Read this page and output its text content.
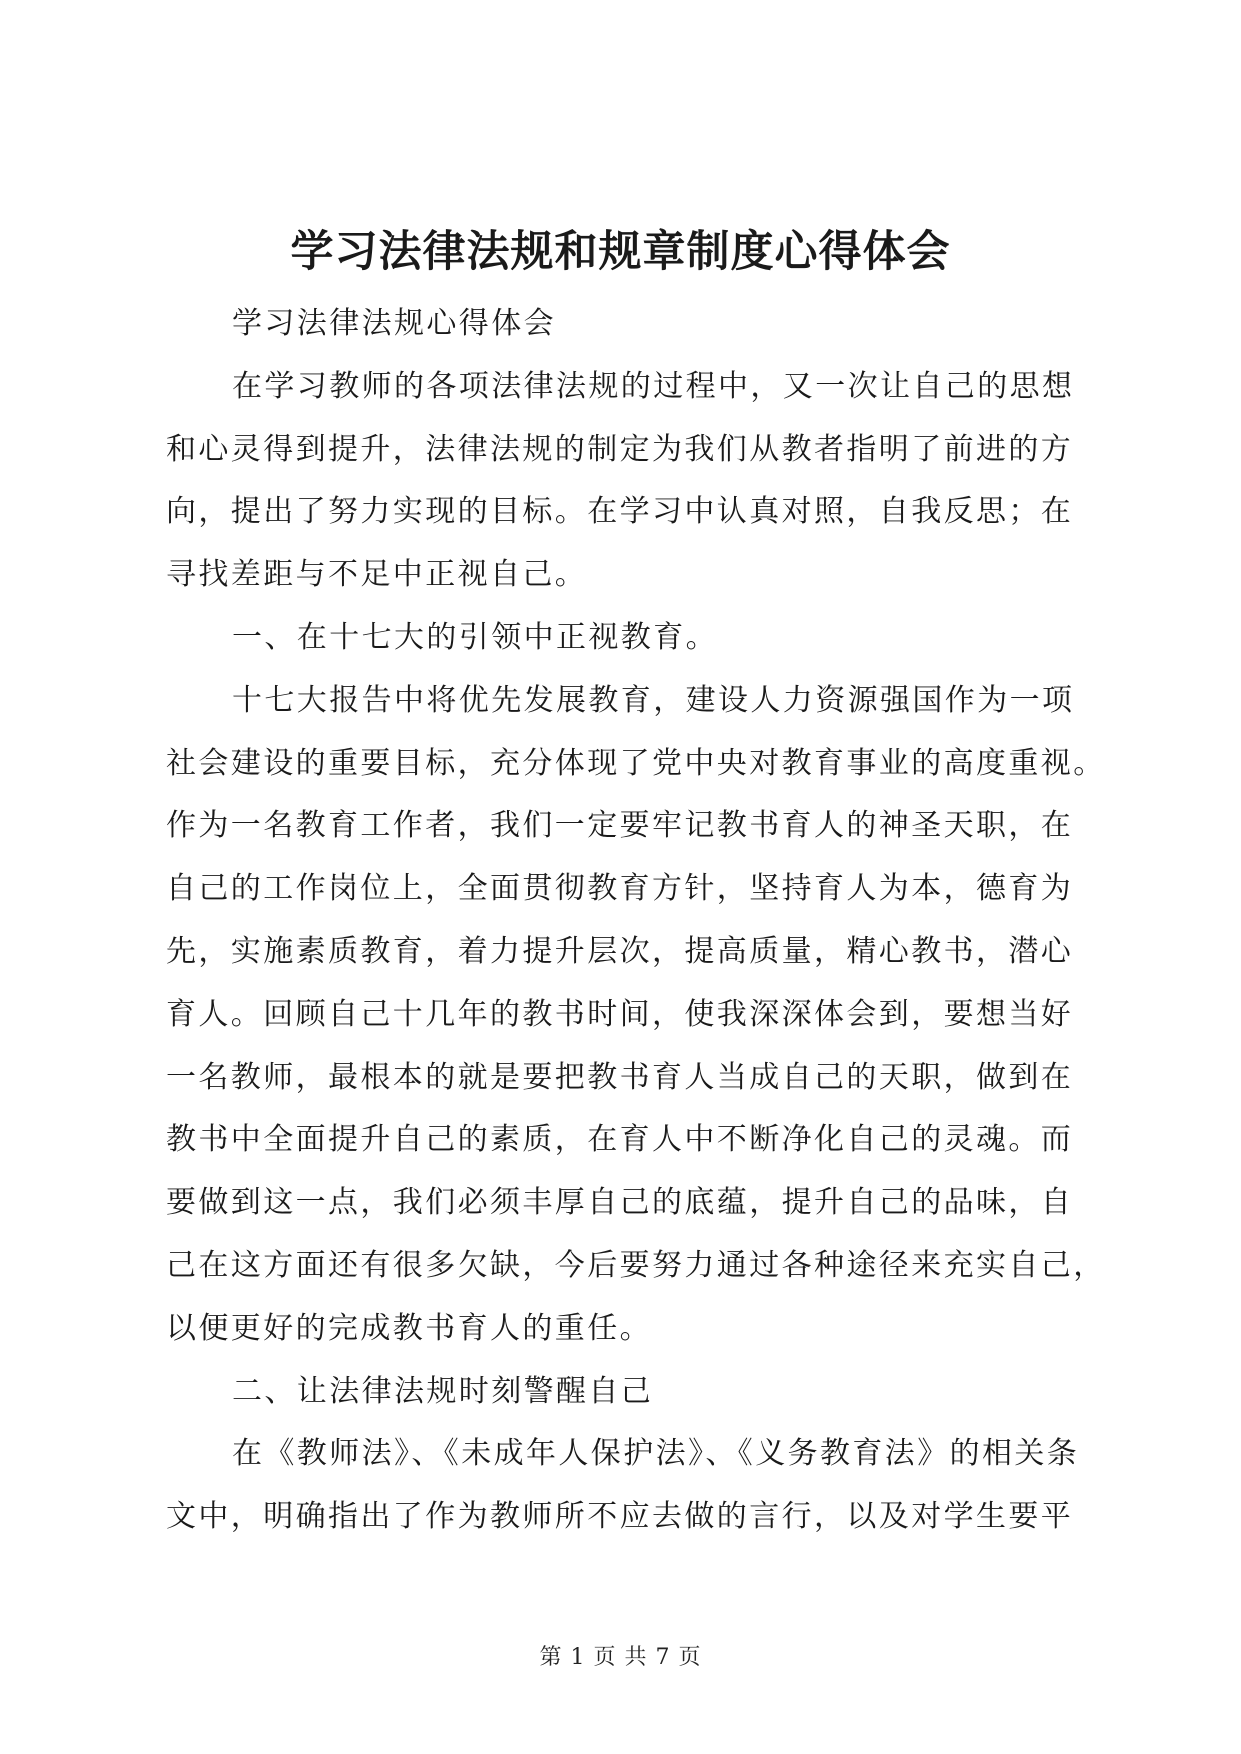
学习法律法规和规章制度心得体会
学习法律法规心得体会
在学习教师的各项法律法规的过程中，又一次让自己的思想
和心灵得到提升，法律法规的制定为我们从教者指明了前进的方
向，提出了努力实现的目标。在学习中认真对照，自我反思；在
寻找差距与不足中正视自己。
一、在十七大的引领中正视教育。
十七大报告中将优先发展教育，建设人力资源强国作为一项
社会建设的重要目标，充分体现了党中央对教育事业的高度重视。
作为一名教育工作者，我们一定要牢记教书育人的神圣天职，在
自己的工作岗位上，全面贯彻教育方针，坚持育人为本，德育为
先，实施素质教育，着力提升层次，提高质量，精心教书，潜心
育人。回顾自己十几年的教书时间，使我深深体会到，要想当好
一名教师，最根本的就是要把教书育人当成自己的天职，做到在
教书中全面提升自己的素质，在育人中不断净化自己的灵魂。而
要做到这一点，我们必须丰厚自己的底蕴，提升自己的品味，自
己在这方面还有很多欠缺，今后要努力通过各种途径来充实自己，
以便更好的完成教书育人的重任。
二、让法律法规时刻警醒自己
在《教师法》、《未成年人保护法》、《义务教育法》的相关条
文中，明确指出了作为教师所不应去做的言行，以及对学生要平
第 1 页 共 7 页
